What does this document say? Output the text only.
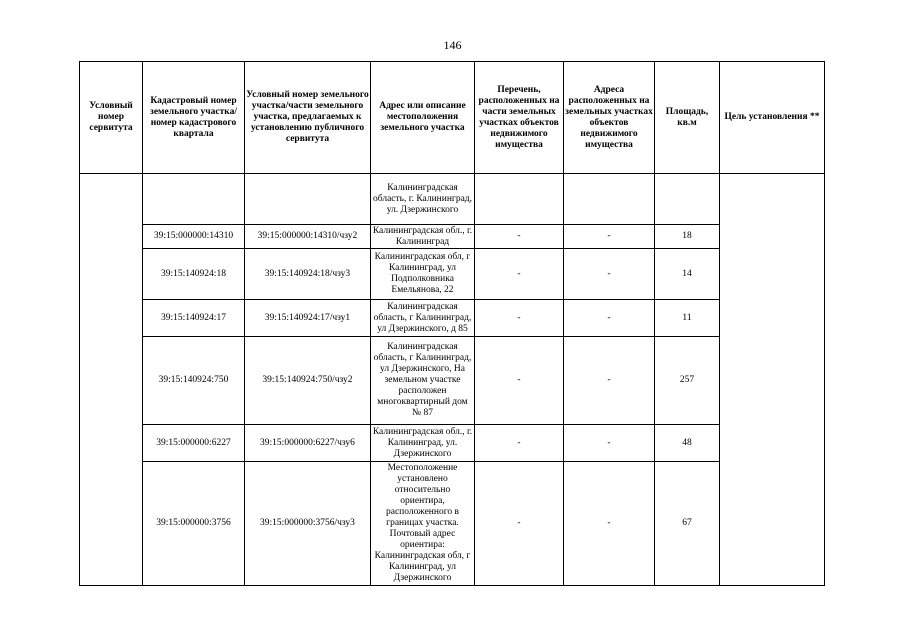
146
Условный номер сервитута	Кадастровый номер земельного участка/номер кадастрового квартала	Условный номер земельного участка/части земельного участка, предлагаемых к установлению публичного сервитута	Адрес или описание местоположения земельного участка	Перечень, расположенных на части земельных участках объектов недвижимого имущества	Адреса расположенных на земельных участках объектов недвижимого имущества	Площадь, кв.м	Цель установления **
			Калининградская область, г. Калининград, ул. Дзержинского				
	39:15:000000:14310	39:15:000000:14310/чзу2	Калининградская обл., г. Калининград	-	-	18	
	39:15:140924:18	39:15:140924:18/чзу3	Калининградская обл, г Калининград, ул Подполковника Емельянова, 22	-	-	14	
	39:15:140924:17	39:15:140924:17/чзу1	Калининградская область, г Калининград, ул Дзержинского, д 85	-	-	11	
	39:15:140924:750	39:15:140924:750/чзу2	Калининградская область, г Калининград, ул Дзержинского, На земельном участке расположен многоквартирный дом № 87	-	-	257	
	39:15:000000:6227	39:15:000000:6227/чзу6	Калининградская обл., г. Калининград, ул. Дзержинского	-	-	48	
	39:15:000000:3756	39:15:000000:3756/чзу3	Местоположение установлено относительно ориентира, расположенного в границах участка. Почтовый адрес ориентира: Калининградская обл, г Калининград, ул Дзержинского	-	-	67	
